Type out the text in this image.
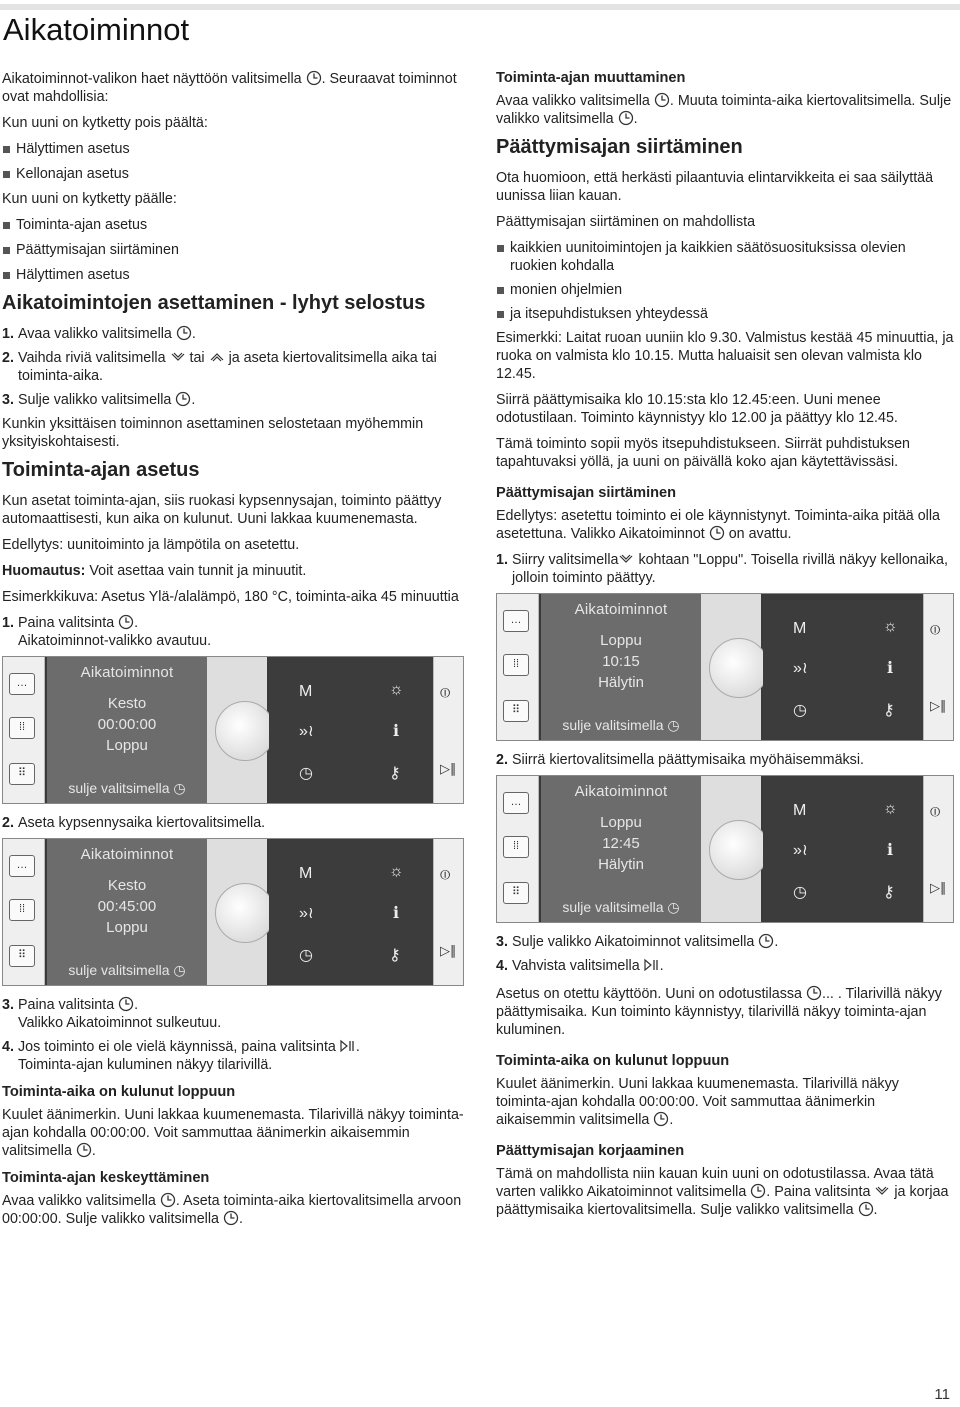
Aikatoiminnot

Aikatoiminnot-valikon haet näyttöön valitsimella . Seuraavat toiminnot ovat mahdollisia:

Kun uuni on kytketty pois päältä:

Hälyttimen asetus
Kellonajan asetus

Kun uuni on kytketty päälle:

Toiminta-ajan asetus
Päättymisajan siirtäminen
Hälyttimen asetus
Aikatoimintojen asettaminen - lyhyt selostus
1. Avaa valikko valitsimella .
2. Vaihda riviä valitsimella tai ja aseta kiertovalitsimella aika tai toiminta-aika.
3. Sulje valikko valitsimella .

Kunkin yksittäisen toiminnon asettaminen selostetaan myöhemmin yksityiskohtaisesti.

Toiminta-ajan asetus

Kun asetat toiminta-ajan, siis ruokasi kypsennysajan, toiminto päättyy automaattisesti, kun aika on kulunut. Uuni lakkaa kuumenemasta.

Edellytys: uunitoiminto ja lämpötila on asetettu.

Huomautus: Voit asettaa vain tunnit ja minuutit.

Esimerkkikuva: Asetus Ylä-/alalämpö, 180 °C, toiminta-aika 45 minuuttia

1. Paina valitsinta .
Aikatoiminnot-valikko avautuu.
…
⁞⁞
⠿
Aikatoiminnot
Kesto
00:00:00
Loppu
sulje valitsimella ◷
M	☼
»≀	ℹ
◷	⚷
⏼
▷∥
2. Aseta kypsennysaika kiertovalitsimella.
…
⁞⁞
⠿
Aikatoiminnot
Kesto
00:45:00
Loppu
sulje valitsimella ◷
M	☼
»≀	ℹ
◷	⚷
⏼
▷∥
3. Paina valitsinta .
Valikko Aikatoiminnot sulkeutuu.
4. Jos toiminto ei ole vielä käynnissä, paina valitsinta .
Toiminta-ajan kuluminen näkyy tilarivillä.
Toiminta-aika on kulunut loppuun

Kuulet äänimerkin. Uuni lakkaa kuumenemasta. Tilarivillä näkyy toiminta-ajan kohdalla 00:00:00. Voit sammuttaa äänimerkin aikaisemmin valitsimella .

Toiminta-ajan keskeyttäminen

Avaa valikko valitsimella . Aseta toiminta-aika kiertovalitsimella arvoon 00:00:00. Sulje valikko valitsimella .

Toiminta-ajan muuttaminen

Avaa valikko valitsimella . Muuta toiminta-aika kiertovalitsimella. Sulje valikko valitsimella .

Päättymisajan siirtäminen

Ota huomioon, että herkästi pilaantuvia elintarvikkeita ei saa säilyttää uunissa liian kauan.

Päättymisajan siirtäminen on mahdollista

kaikkien uunitoimintojen ja kaikkien säätösuosituksissa olevien ruokien kohdalla
monien ohjelmien
ja itsepuhdistuksen yhteydessä

Esimerkki: Laitat ruoan uuniin klo 9.30. Valmistus kestää 45 minuuttia, ja ruoka on valmista klo 10.15. Mutta haluaisit sen olevan valmista klo 12.45.

Siirrä päättymisaika klo 10.15:sta klo 12.45:een. Uuni menee odotustilaan. Toiminto käynnistyy klo 12.00 ja päättyy klo 12.45.

Tämä toiminto sopii myös itsepuhdistukseen. Siirrät puhdistuksen tapahtuvaksi yöllä, ja uuni on päivällä koko ajan käytettävissäsi.

Päättymisajan siirtäminen

Edellytys: asetettu toiminto ei ole käynnistynyt. Toiminta-aika pitää olla asetettuna. Valikko Aikatoiminnot on avattu.

1. Siirry valitsimella kohtaan "Loppu". Toisella rivillä näkyy kellonaika, jolloin toiminto päättyy.
…
⁞⁞
⠿
Aikatoiminnot
Loppu
10:15
Hälytin
sulje valitsimella ◷
M	☼
»≀	ℹ
◷	⚷
⏼
▷∥
2. Siirrä kiertovalitsimella päättymisaika myöhäisemmäksi.
…
⁞⁞
⠿
Aikatoiminnot
Loppu
12:45
Hälytin
sulje valitsimella ◷
M	☼
»≀	ℹ
◷	⚷
⏼
▷∥
3. Sulje valikko Aikatoiminnot valitsimella .
4. Vahvista valitsimella .

Asetus on otettu käyttöön. Uuni on odotustilassa ... . Tilarivillä näkyy päättymisaika. Kun toiminto käynnistyy, tilarivillä näkyy toiminta-ajan kuluminen.

Toiminta-aika on kulunut loppuun

Kuulet äänimerkin. Uuni lakkaa kuumenemasta. Tilarivillä näkyy toiminta-ajan kohdalla 00:00:00. Voit sammuttaa äänimerkin aikaisemmin valitsimella .

Päättymisajan korjaaminen

Tämä on mahdollista niin kauan kuin uuni on odotustilassa. Avaa tätä varten valikko Aikatoiminnot valitsimella . Paina valitsinta ja korjaa päättymisaika kiertovalitsimella. Sulje valikko valitsimella .

11
